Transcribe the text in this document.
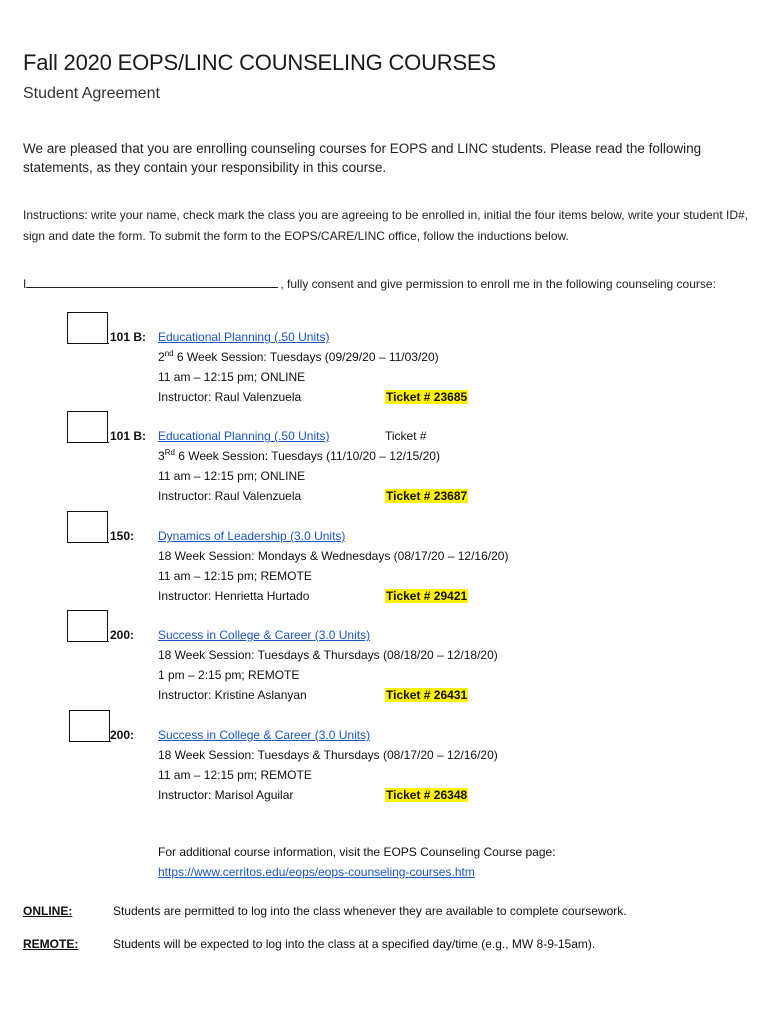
Fall 2020 EOPS/LINC COUNSELING COURSES
Student Agreement
We are pleased that you are enrolling counseling courses for EOPS and LINC students. Please read the following statements, as they contain your responsibility in this course.
Instructions: write your name, check mark the class you are agreeing to be enrolled in, initial the four items below, write your student ID#, sign and date the form. To submit the form to the EOPS/CARE/LINC office, follow the inductions below.
I	, fully consent and give permission to enroll me in the following counseling course:
101 B: Educational Planning (.50 Units)
2nd 6 Week Session: Tuesdays (09/29/20 – 11/03/20)
11 am – 12:15 pm; ONLINE
Instructor: Raul Valenzuela	Ticket # 23685
101 B: Educational Planning (.50 Units)	Ticket #
3Rd 6 Week Session: Tuesdays (11/10/20 – 12/15/20)
11 am – 12:15 pm; ONLINE
Instructor: Raul Valenzuela	Ticket # 23687
150: Dynamics of Leadership (3.0 Units)
18 Week Session: Mondays & Wednesdays (08/17/20 – 12/16/20)
11 am – 12:15 pm; REMOTE
Instructor: Henrietta Hurtado	Ticket # 29421
200: Success in College & Career (3.0 Units)
18 Week Session: Tuesdays & Thursdays (08/18/20 – 12/18/20)
1 pm – 2:15 pm; REMOTE
Instructor: Kristine Aslanyan	Ticket # 26431
200: Success in College & Career (3.0 Units)
18 Week Session: Tuesdays & Thursdays (08/17/20 – 12/16/20)
11 am – 12:15 pm; REMOTE
Instructor: Marisol Aguilar	Ticket # 26348
For additional course information, visit the EOPS Counseling Course page:
https://www.cerritos.edu/eops/eops-counseling-courses.htm
ONLINE:	Students are permitted to log into the class whenever they are available to complete coursework.
REMOTE:	Students will be expected to log into the class at a specified day/time (e.g., MW 8-9-15am).
